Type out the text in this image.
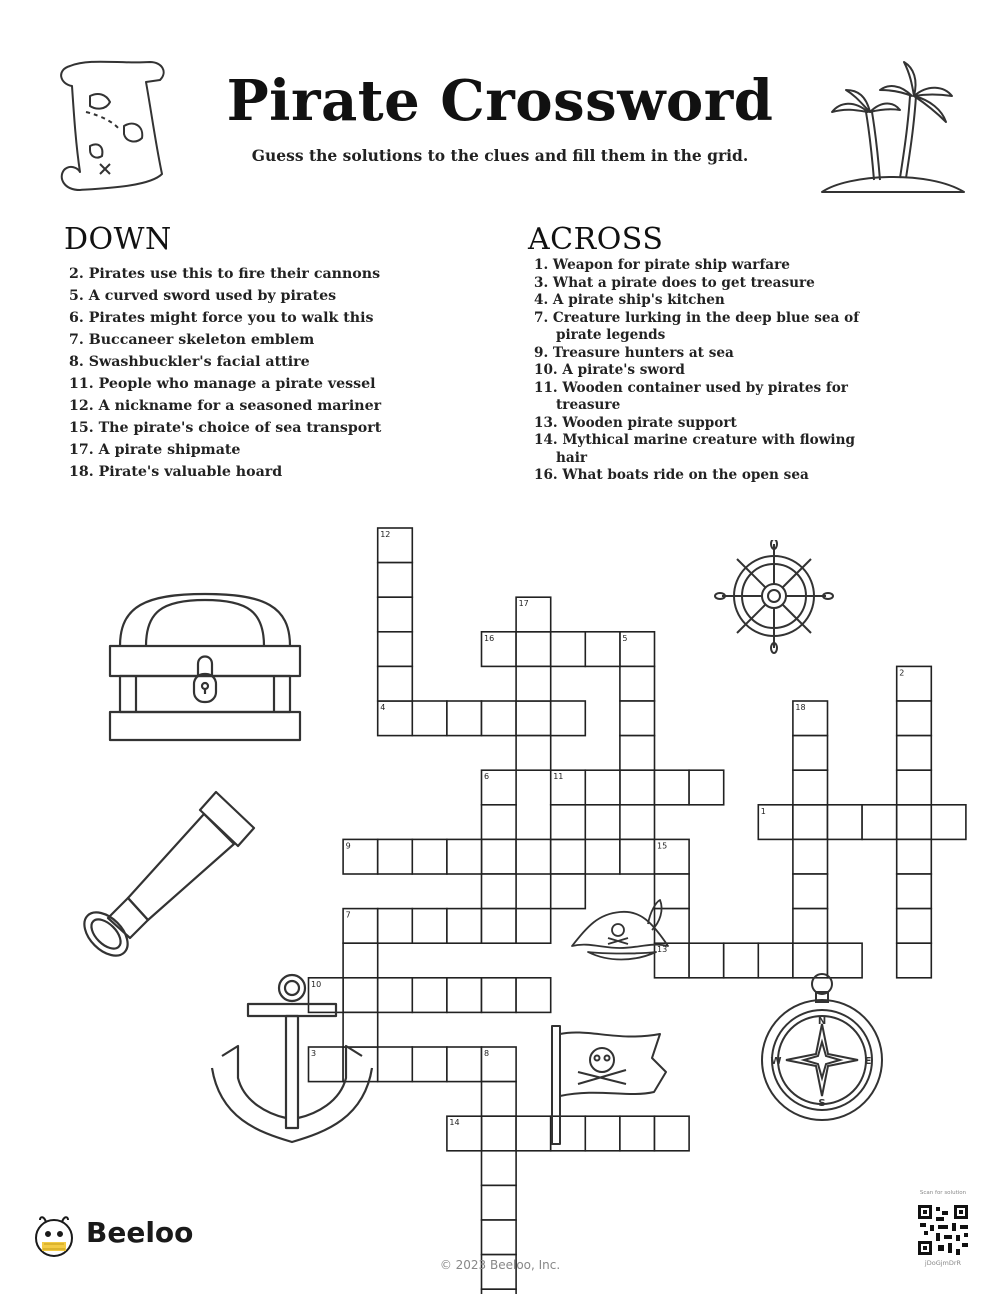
Pirate Crossword
Guess the solutions to the clues and fill them in the grid.
DOWN
2. Pirates use this to fire their cannons
5. A curved sword used by pirates
6. Pirates might force you to walk this
7. Buccaneer skeleton emblem
8. Swashbuckler's facial attire
11. People who manage a pirate vessel
12. A nickname for a seasoned mariner
15. The pirate's choice of sea transport
17. A pirate shipmate
18. Pirate's valuable hoard
ACROSS
1. Weapon for pirate ship warfare
3. What a pirate does to get treasure
4. A pirate ship's kitchen
7. Creature lurking in the deep blue sea of
pirate legends
9. Treasure hunters at sea
10. A pirate's sword
11. Wooden container used by pirates for
treasure
13. Wooden pirate support
14. Mythical marine creature with flowing
hair
16. What boats ride on the open sea
1
2
3
4
5
6
7
8
9
10
11
12
13
14
15
16
17
18
N
S
E
W
Beeloo
© 2023 Beeloo, Inc.
Scan for solution
jDoGjmDrR
